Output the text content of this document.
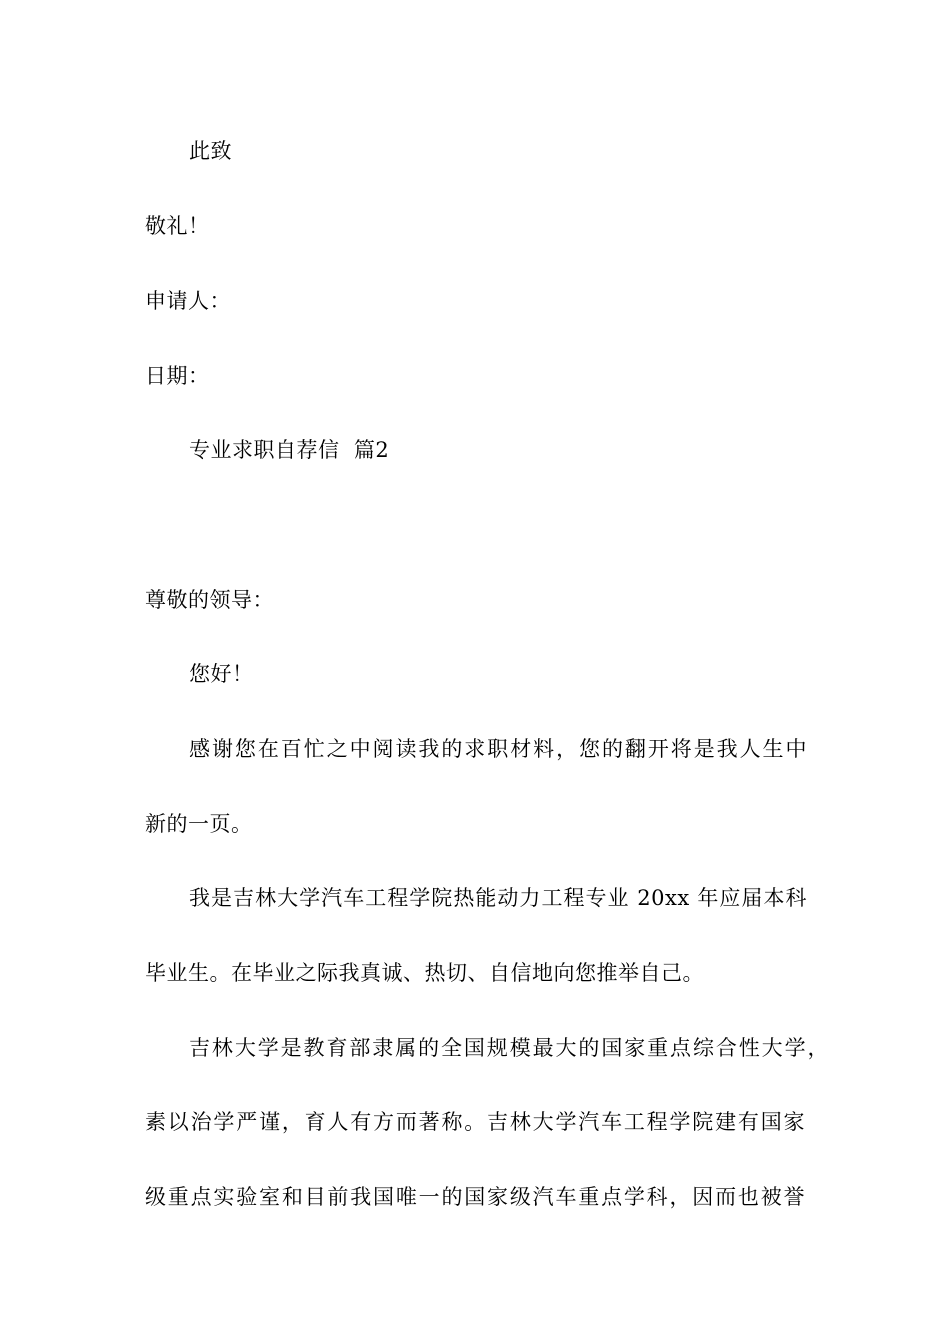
此致
敬礼！
申请人：
日期：
专业求职自荐信  篇2
尊敬的领导：
您好！
感谢您在百忙之中阅读我的求职材料，您的翻开将是我人生中
新的一页。
我是吉林大学汽车工程学院热能动力工程专业 20xx 年应届本科
毕业生。在毕业之际我真诚、热切、自信地向您推举自己。
吉林大学是教育部隶属的全国规模最大的国家重点综合性大学，
素以治学严谨，育人有方而著称。吉林大学汽车工程学院建有国家
级重点实验室和目前我国唯一的国家级汽车重点学科，因而也被誉
